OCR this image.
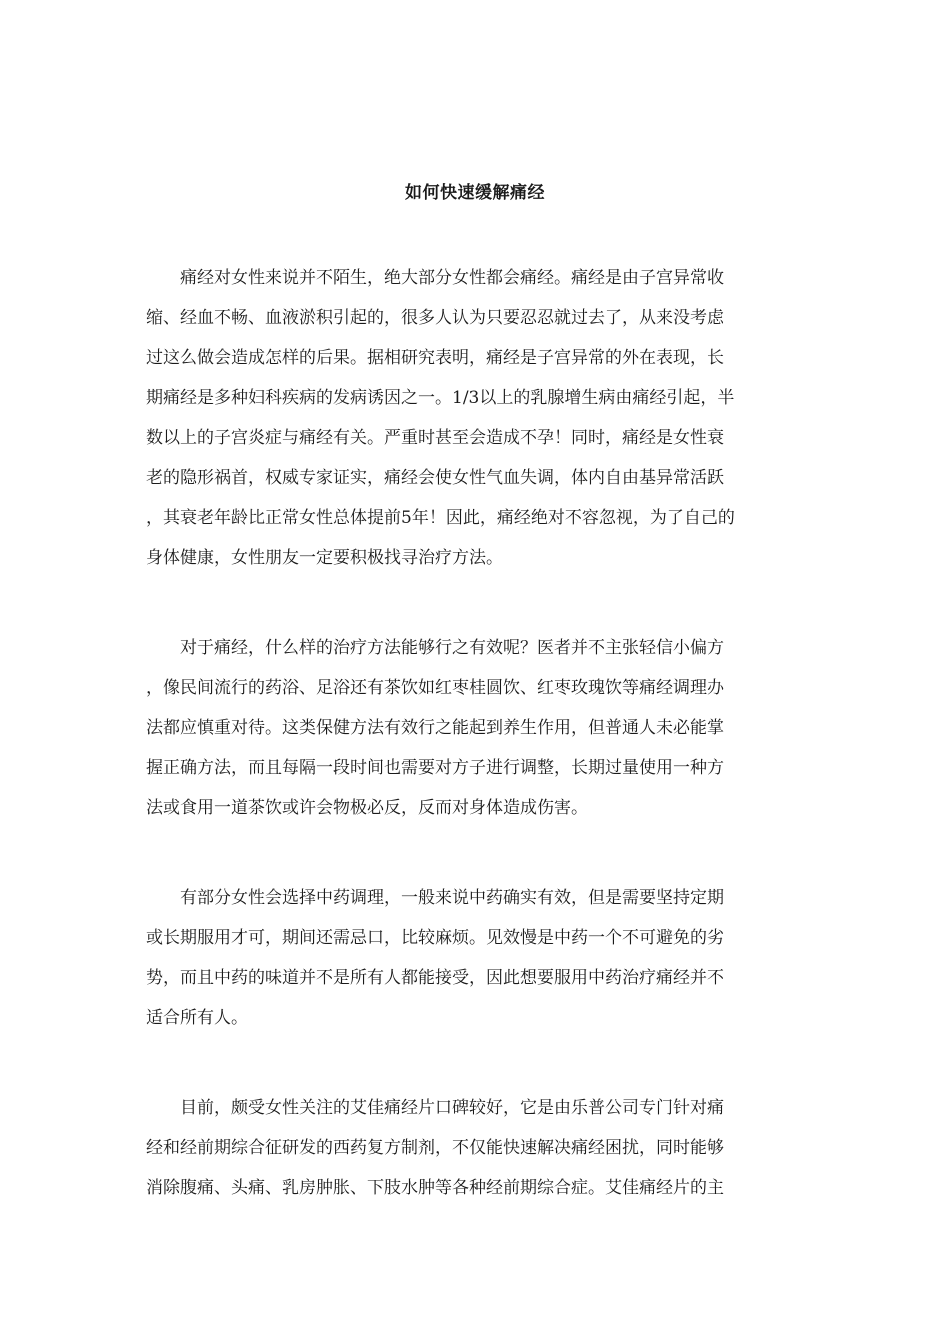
如何快速缓解痛经
痛经对女性来说并不陌生，绝大部分女性都会痛经。痛经是由子宫异常收
缩、经血不畅、血液淤积引起的，很多人认为只要忍忍就过去了，从来没考虑
过这么做会造成怎样的后果。据相研究表明，痛经是子宫异常的外在表现，长
期痛经是多种妇科疾病的发病诱因之一。1/3以上的乳腺增生病由痛经引起，半
数以上的子宫炎症与痛经有关。严重时甚至会造成不孕！同时，痛经是女性衰
老的隐形祸首，权威专家证实，痛经会使女性气血失调，体内自由基异常活跃
，其衰老年龄比正常女性总体提前5年！因此，痛经绝对不容忽视，为了自己的
身体健康，女性朋友一定要积极找寻治疗方法。
对于痛经，什么样的治疗方法能够行之有效呢？医者并不主张轻信小偏方
，像民间流行的药浴、足浴还有茶饮如红枣桂圆饮、红枣玫瑰饮等痛经调理办
法都应慎重对待。这类保健方法有效行之能起到养生作用，但普通人未必能掌
握正确方法，而且每隔一段时间也需要对方子进行调整，长期过量使用一种方
法或食用一道茶饮或许会物极必反，反而对身体造成伤害。
有部分女性会选择中药调理，一般来说中药确实有效，但是需要坚持定期
或长期服用才可，期间还需忌口，比较麻烦。见效慢是中药一个不可避免的劣
势，而且中药的味道并不是所有人都能接受，因此想要服用中药治疗痛经并不
适合所有人。
目前，颇受女性关注的艾佳痛经片口碑较好，它是由乐普公司专门针对痛
经和经前期综合征研发的西药复方制剂，不仅能快速解决痛经困扰，同时能够
消除腹痛、头痛、乳房肿胀、下肢水肿等各种经前期综合症。艾佳痛经片的主
